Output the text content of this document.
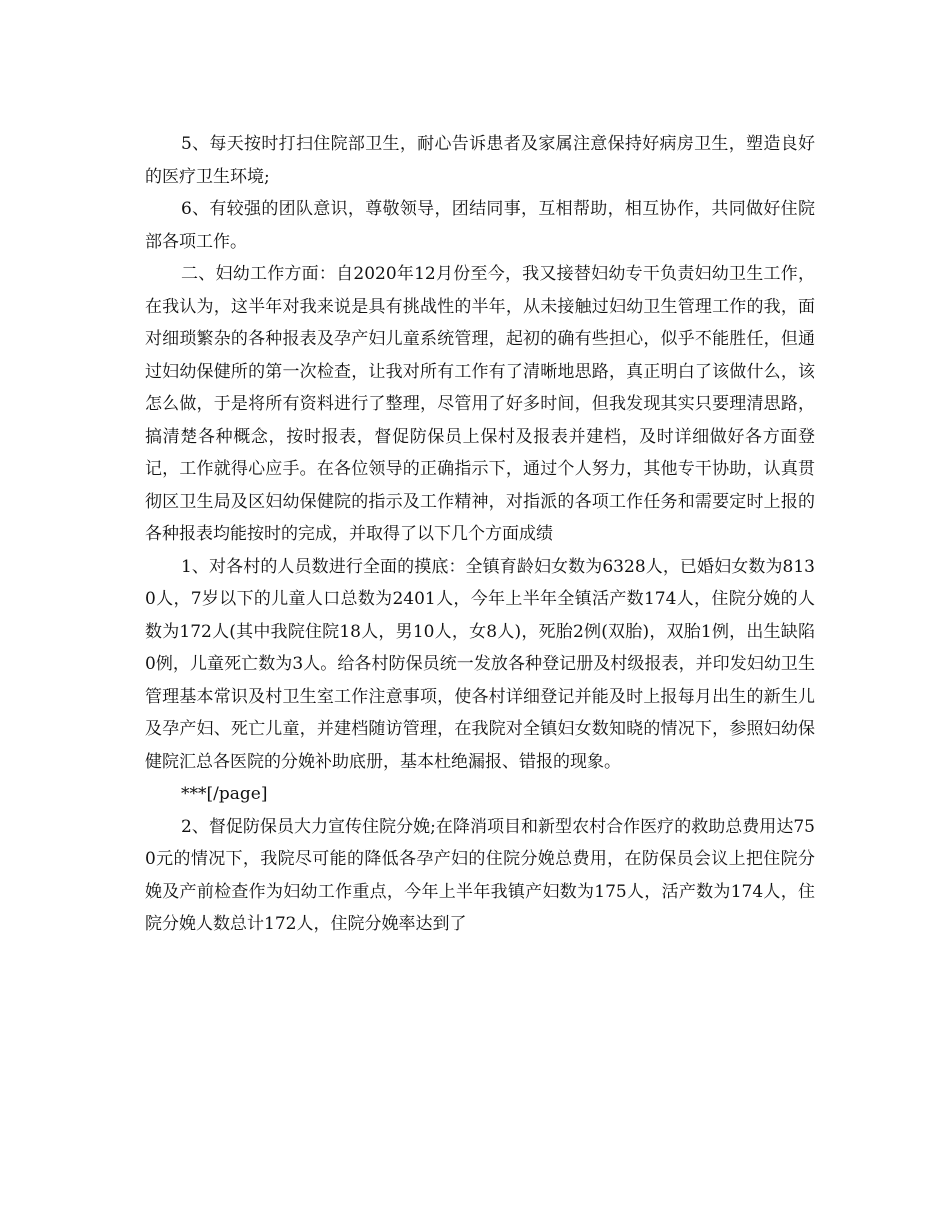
5、每天按时打扫住院部卫生，耐心告诉患者及家属注意保持好病房卫生，塑造良好的医疗卫生环境;

6、有较强的团队意识，尊敬领导，团结同事，互相帮助，相互协作，共同做好住院部各项工作。

二、妇幼工作方面：自2020年12月份至今，我又接替妇幼专干负责妇幼卫生工作，在我认为，这半年对我来说是具有挑战性的半年，从未接触过妇幼卫生管理工作的我，面对细琐繁杂的各种报表及孕产妇儿童系统管理，起初的确有些担心，似乎不能胜任，但通过妇幼保健所的第一次检查，让我对所有工作有了清晰地思路，真正明白了该做什么，该怎么做，于是将所有资料进行了整理，尽管用了好多时间，但我发现其实只要理清思路，搞清楚各种概念，按时报表，督促防保员上保村及报表并建档，及时详细做好各方面登记，工作就得心应手。在各位领导的正确指示下，通过个人努力，其他专干协助，认真贯彻区卫生局及区妇幼保健院的指示及工作精神，对指派的各项工作任务和需要定时上报的各种报表均能按时的完成，并取得了以下几个方面成绩

1、对各村的人员数进行全面的摸底：全镇育龄妇女数为6328人，已婚妇女数为8130人，7岁以下的儿童人口总数为2401人，今年上半年全镇活产数174人，住院分娩的人数为172人(其中我院住院18人，男10人，女8人)，死胎2例(双胎)，双胎1例，出生缺陷0例，儿童死亡数为3人。给各村防保员统一发放各种登记册及村级报表，并印发妇幼卫生管理基本常识及村卫生室工作注意事项，使各村详细登记并能及时上报每月出生的新生儿及孕产妇、死亡儿童，并建档随访管理，在我院对全镇妇女数知晓的情况下，参照妇幼保健院汇总各医院的分娩补助底册，基本杜绝漏报、错报的现象。

***[/page]

2、督促防保员大力宣传住院分娩;在降消项目和新型农村合作医疗的救助总费用达750元的情况下，我院尽可能的降低各孕产妇的住院分娩总费用，在防保员会议上把住院分娩及产前检查作为妇幼工作重点，今年上半年我镇产妇数为175人，活产数为174人，住院分娩人数总计172人，住院分娩率达到了
